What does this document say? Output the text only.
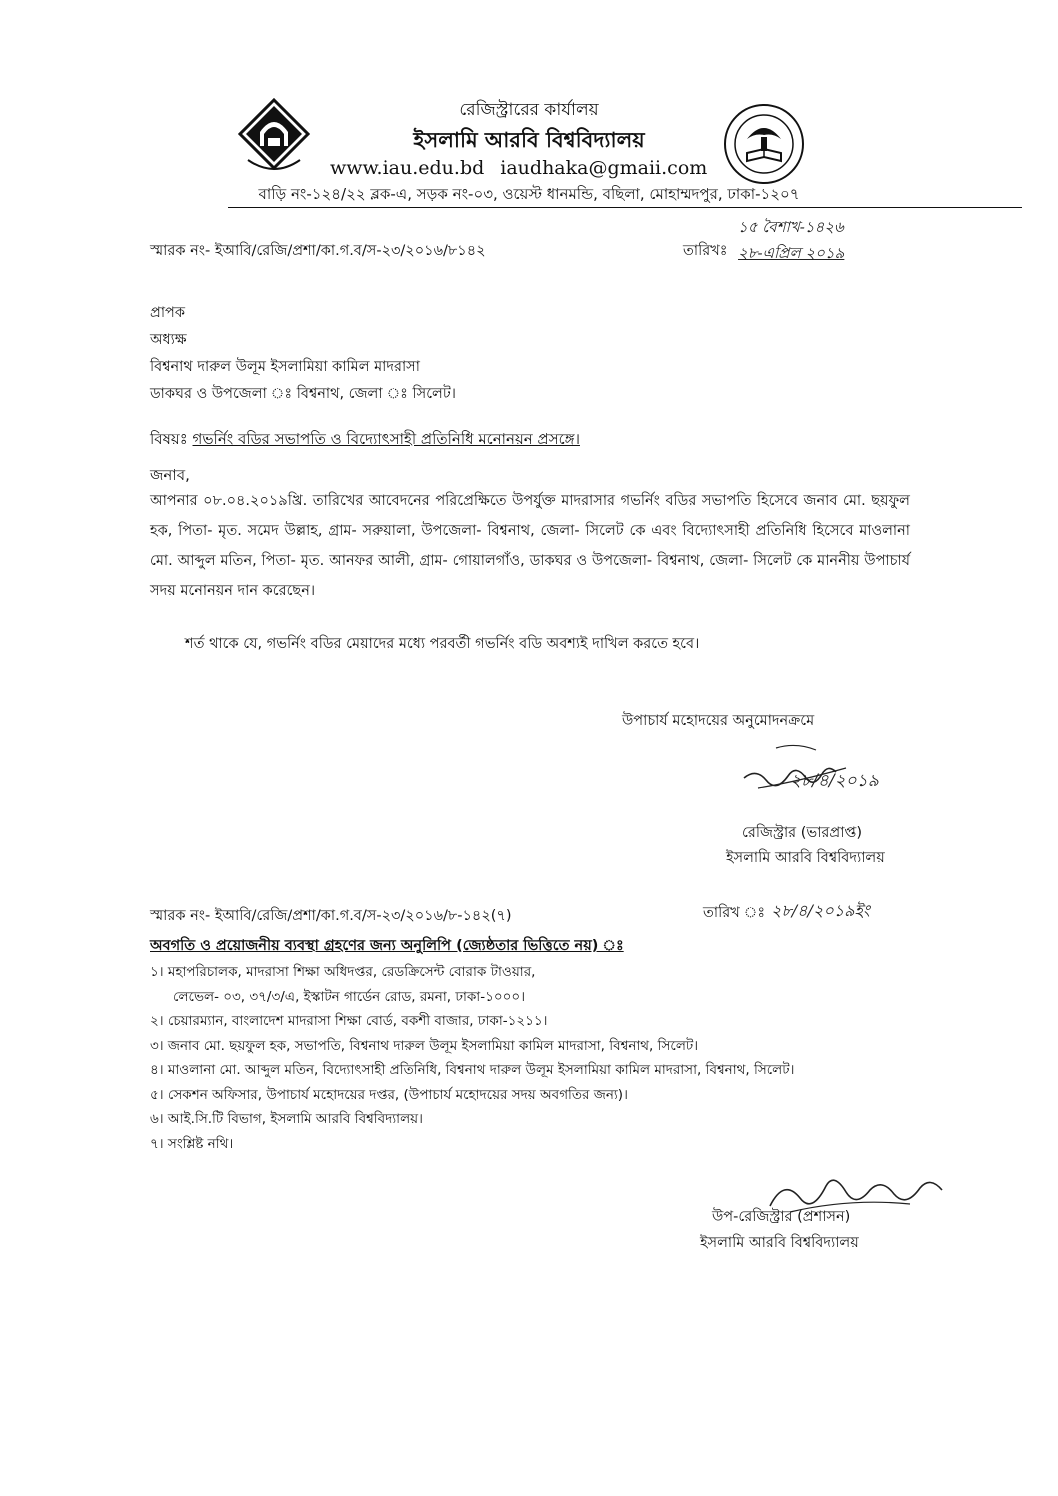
রেজিস্ট্রারের কার্যালয়
ইসলামি আরবি বিশ্ববিদ্যালয়
www.iau.edu.bd iaudhaka@gmaii.com
বাড়ি নং-১২৪/২২ ব্লক-এ, সড়ক নং-০৩, ওয়েস্ট ধানমন্ডি, বছিলা, মোহাম্মদপুর, ঢাকা-১২০৭
স্মারক নং- ইআবি/রেজি/প্রশা/কা.গ.ব/স-২৩/২০১৬/৮১৪২	তারিখঃ
১৫ বৈশাখ-১৪২৬
২৮-এপ্রিল ২০১৯
প্রাপক
অধ্যক্ষ
বিশ্বনাথ দারুল উলূম ইসলামিয়া কামিল মাদরাসা
ডাকঘর ও উপজেলা ঃ বিশ্বনাথ, জেলা ঃ সিলেট।
বিষয়ঃ গভর্নিং বডির সভাপতি ও বিদ্যোৎসাহী প্রতিনিধি মনোনয়ন প্রসঙ্গে।
জনাব,
আপনার ০৮.০৪.২০১৯খ্রি. তারিখের আবেদনের পরিপ্রেক্ষিতে উপর্যুক্ত মাদরাসার গভর্নিং বডির সভাপতি হিসেবে জনাব মো. ছয়ফুল হক, পিতা- মৃত. সমেদ উল্লাহ, গ্রাম- সরুয়ালা, উপজেলা- বিশ্বনাথ, জেলা- সিলেট কে এবং বিদ্যোৎসাহী প্রতিনিধি হিসেবে মাওলানা মো. আব্দুল মতিন, পিতা- মৃত. আনফর আলী, গ্রাম- গোয়ালগাঁও, ডাকঘর ও উপজেলা- বিশ্বনাথ, জেলা- সিলেট কে মাননীয় উপাচার্য সদয় মনোনয়ন দান করেছেন।
শর্ত থাকে যে, গভর্নিং বডির মেয়াদের মধ্যে পরবর্তী গভর্নিং বডি অবশ্যই দাখিল করতে হবে।
উপাচার্য মহোদয়ের অনুমোদনক্রমে
২৮/৪/২০১৯
রেজিস্ট্রার (ভারপ্রাপ্ত)
ইসলামি আরবি বিশ্ববিদ্যালয়
স্মারক নং- ইআবি/রেজি/প্রশা/কা.গ.ব/স-২৩/২০১৬/৮-১৪২(৭)	তারিখ ঃ ২৮/৪/২০১৯ইং
অবগতি ও প্রয়োজনীয় ব্যবস্থা গ্রহণের জন্য অনুলিপি (জ্যেষ্ঠতার ভিত্তিতে নয়) ঃ
১। মহাপরিচালক, মাদরাসা শিক্ষা অধিদপ্তর, রেডক্রিসেন্ট বোরাক টাওয়ার,
লেভেল- ০৩, ৩৭/৩/এ, ইস্কাটন গার্ডেন রোড, রমনা, ঢাকা-১০০০।
২। চেয়ারম্যান, বাংলাদেশ মাদরাসা শিক্ষা বোর্ড, বকশী বাজার, ঢাকা-১২১১।
৩। জনাব মো. ছয়ফুল হক, সভাপতি, বিশ্বনাথ দারুল উলূম ইসলামিয়া কামিল মাদরাসা, বিশ্বনাথ, সিলেট।
৪। মাওলানা মো. আব্দুল মতিন, বিদ্যোৎসাহী প্রতিনিধি, বিশ্বনাথ দারুল উলূম ইসলামিয়া কামিল মাদরাসা, বিশ্বনাথ, সিলেট।
৫। সেকশন অফিসার, উপাচার্য মহোদয়ের দপ্তর, (উপাচার্য মহোদয়ের সদয় অবগতির জন্য)।
৬। আই.সি.টি বিভাগ, ইসলামি আরবি বিশ্ববিদ্যালয়।
৭। সংশ্লিষ্ট নথি।
উপ-রেজিস্ট্রার (প্রশাসন)
ইসলামি আরবি বিশ্ববিদ্যালয়
